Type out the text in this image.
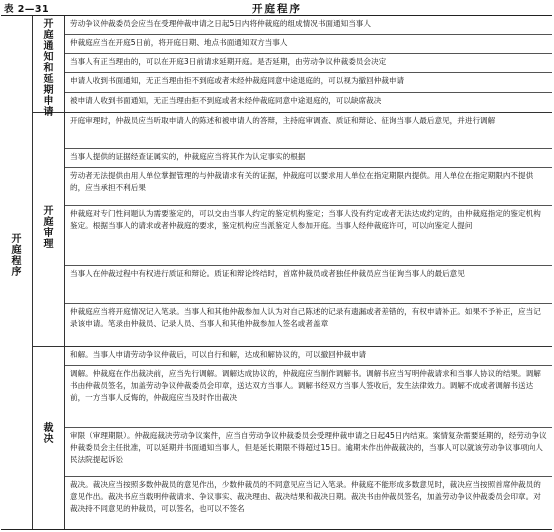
表 2—31	开庭程序
开
庭
程
序
开
庭
通
知
和
延
期
申
请
劳动争议仲裁委员会应当在受理仲裁申请之日起5日内将仲裁庭的组成情况书面通知当事人
仲裁庭应当在开庭5日前，将开庭日期、地点书面通知双方当事人
当事人有正当理由的，可以在开庭3日前请求延期开庭。是否延期，由劳动争议仲裁委员会决定
申请人收到书面通知，无正当理由拒不到庭或者未经仲裁庭同意中途退庭的，可以视为撤回仲裁申请
被申请人收到书面通知，无正当理由拒不到庭或者未经仲裁庭同意中途退庭的，可以缺席裁决
开
庭
审
理
开庭审理时，仲裁员应当听取申请人的陈述和被申请人的答辩，主持庭审调查、质证和辩论、征询当事人最后意见，并进行调解
当事人提供的证据经查证属实的，仲裁庭应当将其作为认定事实的根据
劳动者无法提供由用人单位掌握管理的与仲裁请求有关的证据，仲裁庭可以要求用人单位在指定期限内提供。用人单位在指定期限内不提供的，应当承担不利后果
仲裁庭对专门性问题认为需要鉴定的，可以交由当事人约定的鉴定机构鉴定；当事人没有约定或者无法达成约定的，由仲裁庭指定的鉴定机构鉴定。根据当事人的请求或者仲裁庭的要求，鉴定机构应当派鉴定人参加开庭。当事人经仲裁庭许可，可以向鉴定人提问
当事人在仲裁过程中有权进行质证和辩论。质证和辩论终结时，首席仲裁员或者独任仲裁员应当征询当事人的最后意见
仲裁庭应当将开庭情况记入笔录。当事人和其他仲裁参加人认为对自己陈述的记录有遗漏或者差错的，有权申请补正。如果不予补正，应当记录该申请。笔录由仲裁员、记录人员、当事人和其他仲裁参加人签名或者盖章
裁
决
和解。当事人申请劳动争议仲裁后，可以自行和解，达成和解协议的，可以撤回仲裁申请
调解。仲裁庭在作出裁决前，应当先行调解。调解达成协议的，仲裁庭应当制作调解书。调解书应当写明仲裁请求和当事人协议的结果。调解书由仲裁员签名，加盖劳动争议仲裁委员会印章，送达双方当事人。调解书经双方当事人签收后，发生法律效力。调解不成或者调解书送达前，一方当事人反悔的，仲裁庭应当及时作出裁决
审限（审理期限）。仲裁庭裁决劳动争议案件，应当自劳动争议仲裁委员会受理仲裁申请之日起45日内结束。案情复杂需要延期的，经劳动争议仲裁委员会主任批准，可以延期并书面通知当事人，但是延长期限不得超过15日。逾期未作出仲裁裁决的，当事人可以就该劳动争议事项向人民法院提起诉讼
裁决。裁决应当按照多数仲裁员的意见作出，少数仲裁员的不同意见应当记入笔录。仲裁庭不能形成多数意见时，裁决应当按照首席仲裁员的意见作出。裁决书应当载明仲裁请求、争议事实、裁决理由、裁决结果和裁决日期。裁决书由仲裁员签名，加盖劳动争议仲裁委员会印章。对裁决持不同意见的仲裁员，可以签名，也可以不签名
